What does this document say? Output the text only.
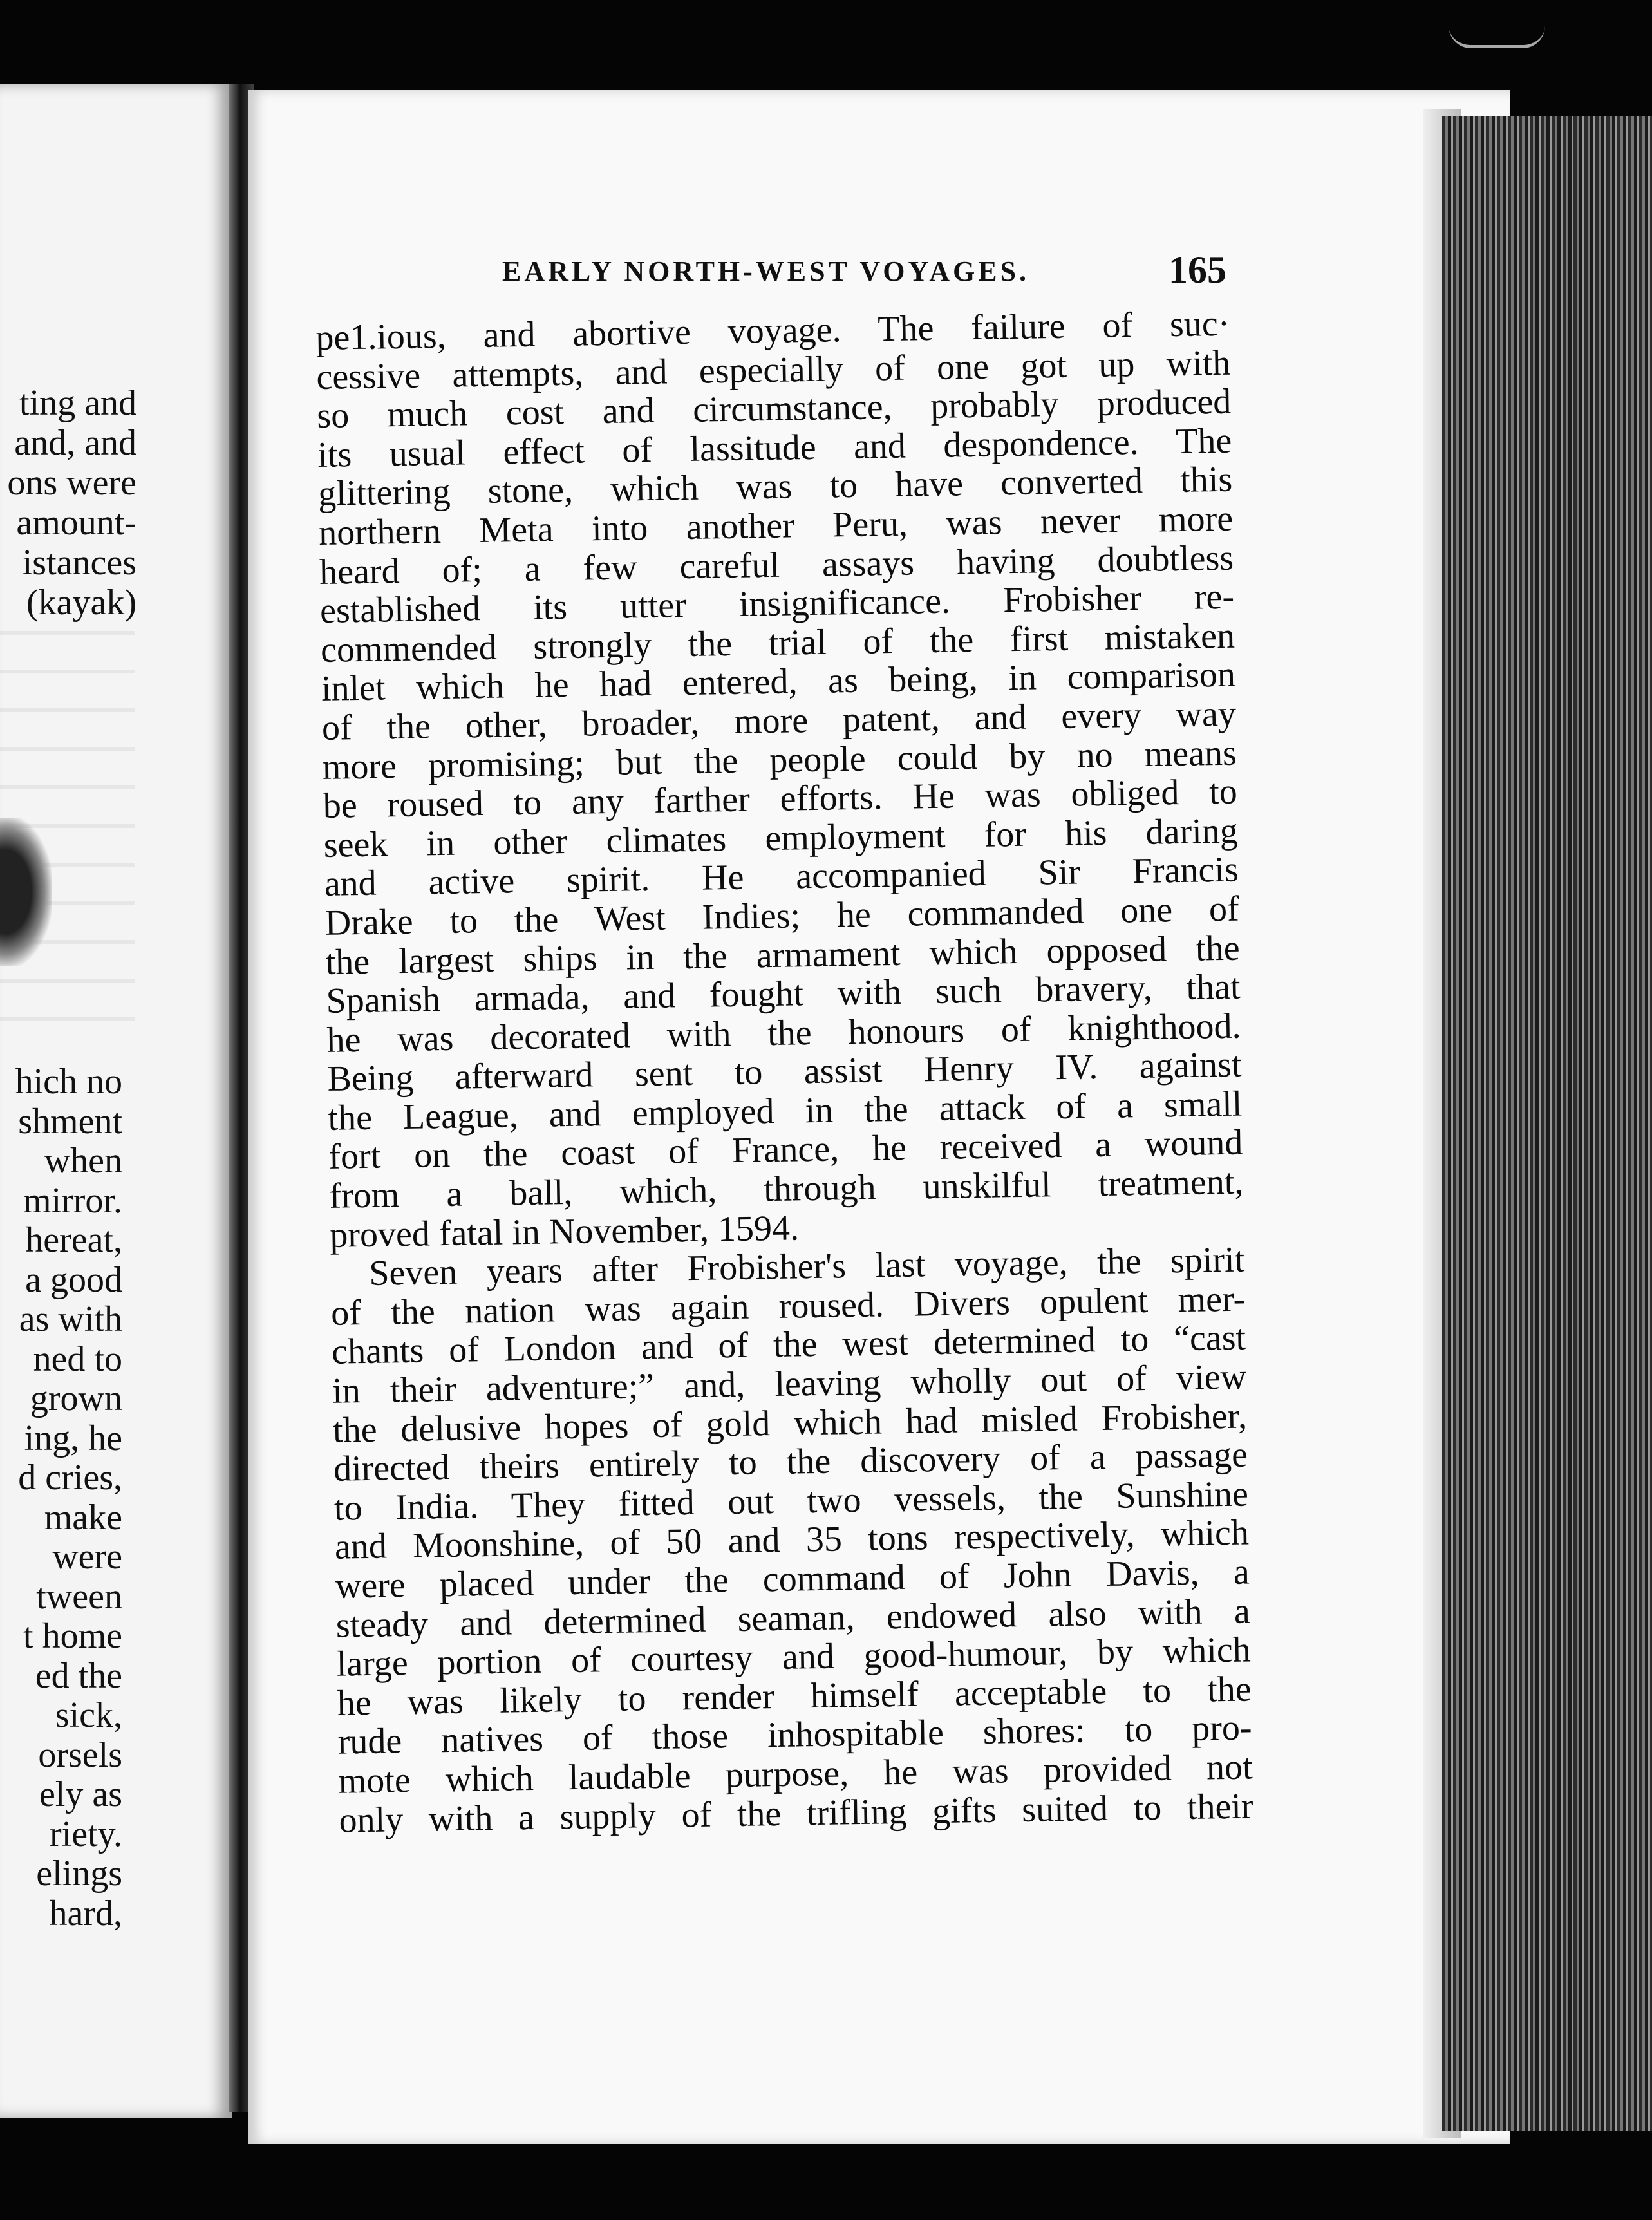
ting and
and, and
ons were
amount-
istances
(kayak)
hich no
shment
when
mirror.
hereat,
a good
as with
ned to
grown
ing, he
d cries,
make
were
tween
t home
ed the
sick,
orsels
ely as
riety.
elings
hard,
EARLY NORTH-WEST VOYAGES.	165
pe1.ious, and abortive voyage. The failure of suc·
cessive attempts, and especially of one got up with
so much cost and circumstance, probably produced
its usual effect of lassitude and despondence. The
glittering stone, which was to have converted this
northern Meta into another Peru, was never more
heard of; a few careful assays having doubtless
established its utter insignificance. Frobisher re-
commended strongly the trial of the first mistaken
inlet which he had entered, as being, in comparison
of the other, broader, more patent, and every way
more promising; but the people could by no means
be roused to any farther efforts. He was obliged to
seek in other climates employment for his daring
and active spirit. He accompanied Sir Francis
Drake to the West Indies; he commanded one of
the largest ships in the armament which opposed the
Spanish armada, and fought with such bravery, that
he was decorated with the honours of knighthood.
Being afterward sent to assist Henry IV. against
the League, and employed in the attack of a small
fort on the coast of France, he received a wound
from a ball, which, through unskilful treatment,
proved fatal in November, 1594.
Seven years after Frobisher's last voyage, the spirit
of the nation was again roused. Divers opulent mer-
chants of London and of the west determined to “cast
in their adventure;” and, leaving wholly out of view
the delusive hopes of gold which had misled Frobisher,
directed theirs entirely to the discovery of a passage
to India. They fitted out two vessels, the Sunshine
and Moonshine, of 50 and 35 tons respectively, which
were placed under the command of John Davis, a
steady and determined seaman, endowed also with a
large portion of courtesy and good-humour, by which
he was likely to render himself acceptable to the
rude natives of those inhospitable shores: to pro-
mote which laudable purpose, he was provided not
only with a supply of the trifling gifts suited to their
